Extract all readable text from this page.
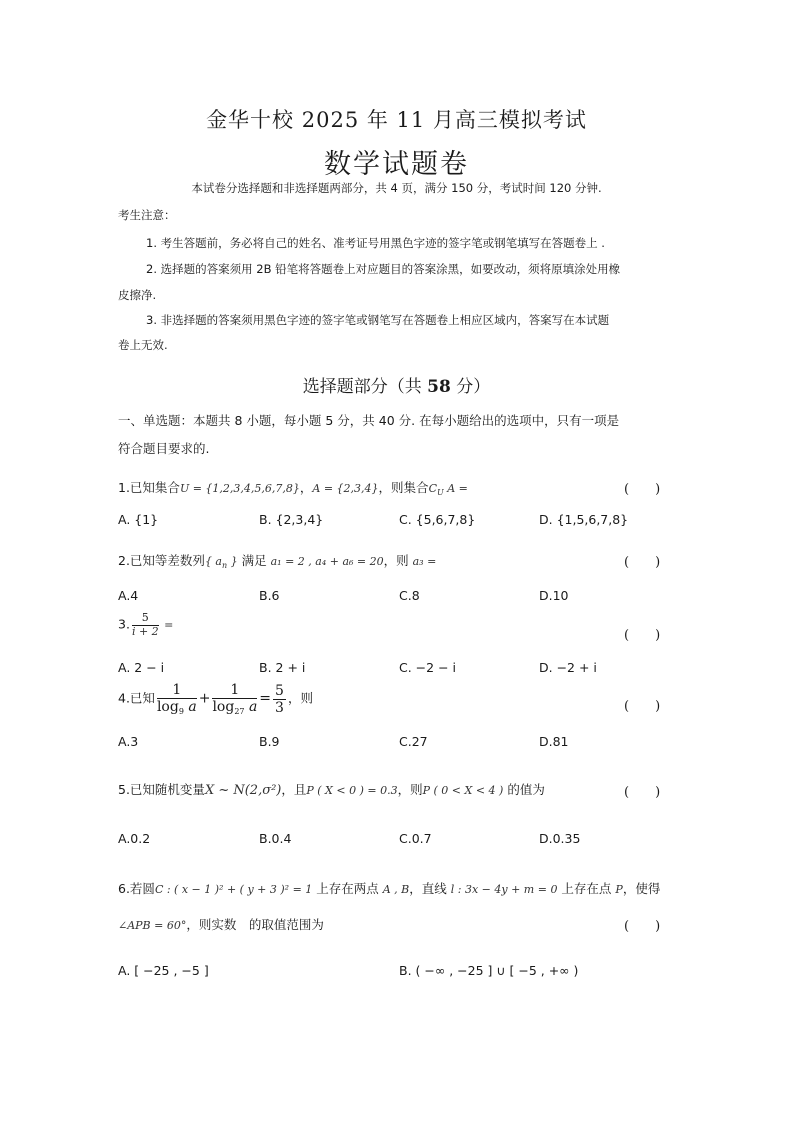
金华十校 2025 年 11 月高三模拟考试
数学试题卷
本试卷分选择题和非选择题两部分，共 4 页，满分 150 分，考试时间 120 分钟.
考生注意：
1. 考生答题前，务必将自己的姓名、准考证号用黑色字迹的签字笔或钢笔填写在答题卷上 .
2. 选择题的答案须用 2B 铅笔将答题卷上对应题目的答案涂黑，如要改动，须将原填涂处用橡
皮擦净.
3. 非选择题的答案须用黑色字迹的签字笔或钢笔写在答题卷上相应区域内，答案写在本试题
卷上无效.
选择题部分（共 58 分）
一、单选题：本题共 8 小题，每小题 5 分，共 40 分. 在每小题给出的选项中，只有一项是
符合题目要求的.
1.已知集合U = {1,2,3,4,5,6,7,8}，A = {2,3,4}，则集合$C_U$ A =	(　　)
A. {1}	B. {2,3,4}	C. {5,6,7,8}	D. {1,5,6,7,8}
2.已知等差数列{ $a_n$ } 满足 a₁ = 2 , a₄ + a₆ = 20，则 a₃ =	(　　)
A.4	B.6	C.8	D.10
3. $\frac{5}{i + 2}$ =
(　　)
A. 2 − i	B. 2 + i	C. −2 − i	D. −2 + i
4.已知 $\frac{1}{\log_9 a} + \frac{1}{\log_{27} a} = \frac{5}{3}$ ，则
(　　)
A.3	B.9	C.27	D.81
5.已知随机变量X ~ N(2,σ²)，且P ( X < 0 ) = 0.3，则P ( 0 < X < 4 ) 的值为	(　　)
A.0.2	B.0.4	C.0.7	D.0.35
6.若圆C : ( x − 1 )² + ( y + 3 )² = 1 上存在两点 A , B，直线 l : 3x − 4y + m = 0 上存在点 P，使得
∠APB = 60°，则实数　的取值范围为	(　　)
A. [ −25 , −5 ]	B. ( −∞ , −25 ] ∪ [ −5 , +∞ )
